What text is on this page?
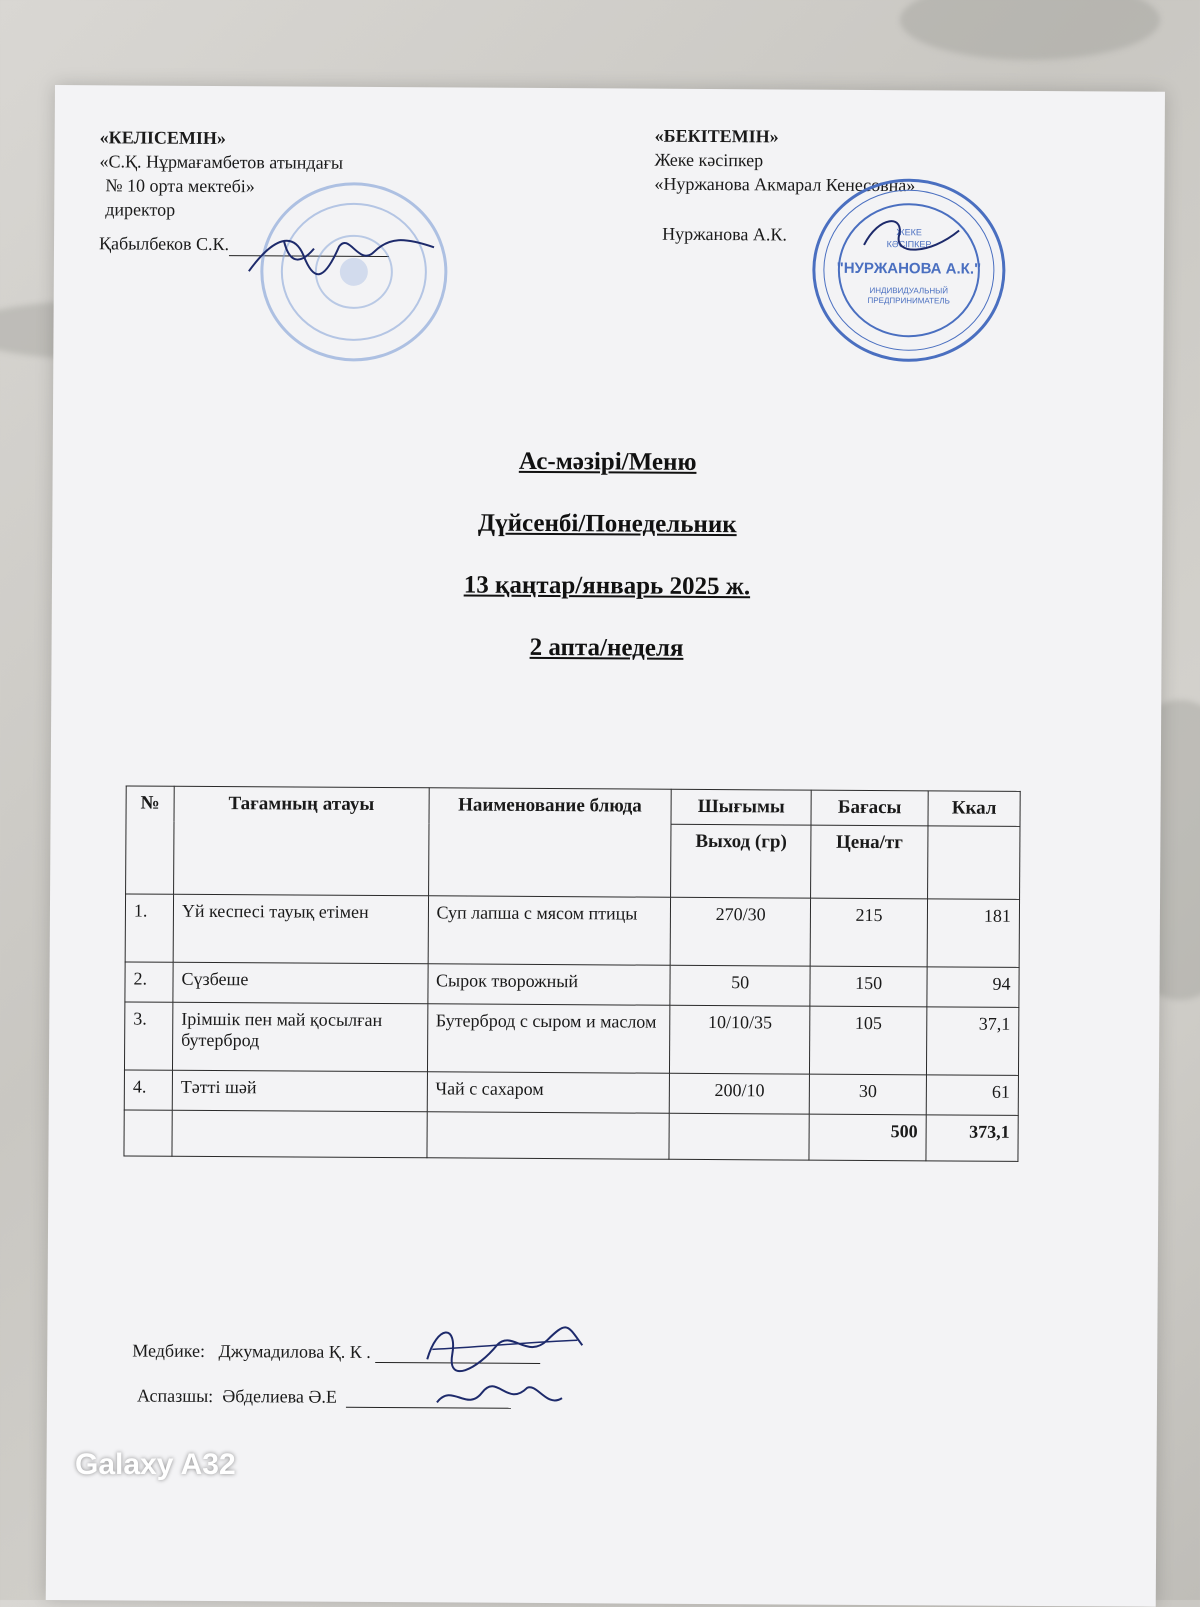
«КЕЛІСЕМІН»
«С.Қ. Нұрмағамбетов атындағы
№ 10 орта мектебі»
директор
Қабылбеков С.К.
«БЕКІТЕМІН»
Жеке кәсіпкер
«Нуржанова Акмарал Кенесовна»
Нуржанова А.К.	ЖЕКЕ
КӘСІПКЕР
"НУРЖАНОВА А.К."
ИНДИВИДУАЛЬНЫЙ
ПРЕДПРИНИМАТЕЛЬ
Ас-мәзірі/Меню
Дүйсенбі/Понедельник
13 қаңтар/январь 2025 ж.
2 апта/неделя
№	Тағамның атауы	Наименование блюда	Шығымы	Бағасы	Ккал
			Выход (гр)	Цена/тг	
1.	Үй кеспесі тауық етімен	Суп лапша с мясом птицы	270/30	215	181
2.	Сүзбеше	Сырок творожный	50	150	94
3.	Ірімшік пен май қосылған бутерброд	Бутерброд с сыром и маслом	10/10/35	105	37,1
4.	Тәтті шәй	Чай с сахаром	200/10	30	61
				500	373,1
Медбике: Джумадилова Қ. К .
Аспазшы: Әбделиева Ә.Е
Galaxy A32
